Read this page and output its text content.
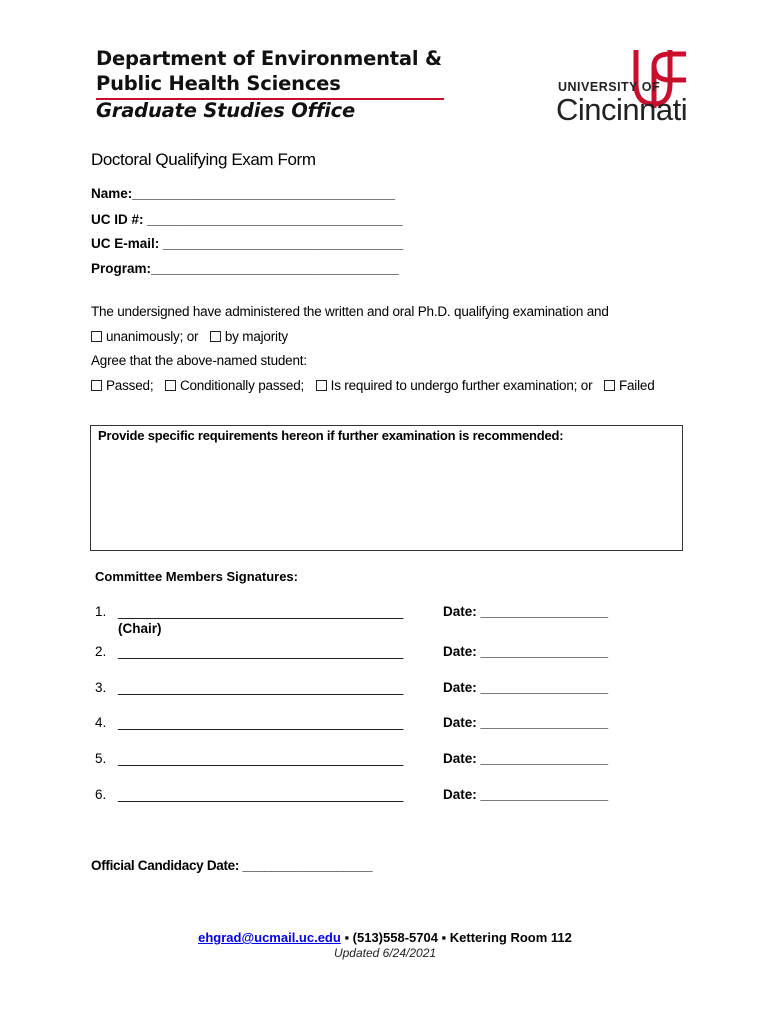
Department of Environmental &
Public Health Sciences
Graduate Studies Office
UNIVERSITY OF
Cincinnati
Doctoral Qualifying Exam Form
Name:___________________________________
UC ID #: __________________________________
UC E-mail: ________________________________
Program:_________________________________
The undersigned have administered the written and oral Ph.D. qualifying examination and
unanimously; or by majority
Agree that the above-named student:
Passed; Conditionally passed; Is required to undergo further examination; or Failed
Provide specific requirements hereon if further examination is recommended:
Committee Members Signatures:
1. ______________________________________	Date: _________________
(Chair)
2. ______________________________________	Date: _________________
3. ______________________________________	Date: _________________
4. ______________________________________	Date: _________________
5. ______________________________________	Date: _________________
6. ______________________________________	Date: _________________
Official Candidacy Date: __________________
ehgrad@ucmail.uc.edu ▪ (513)558-5704 ▪ Kettering Room 112
Updated 6/24/2021
